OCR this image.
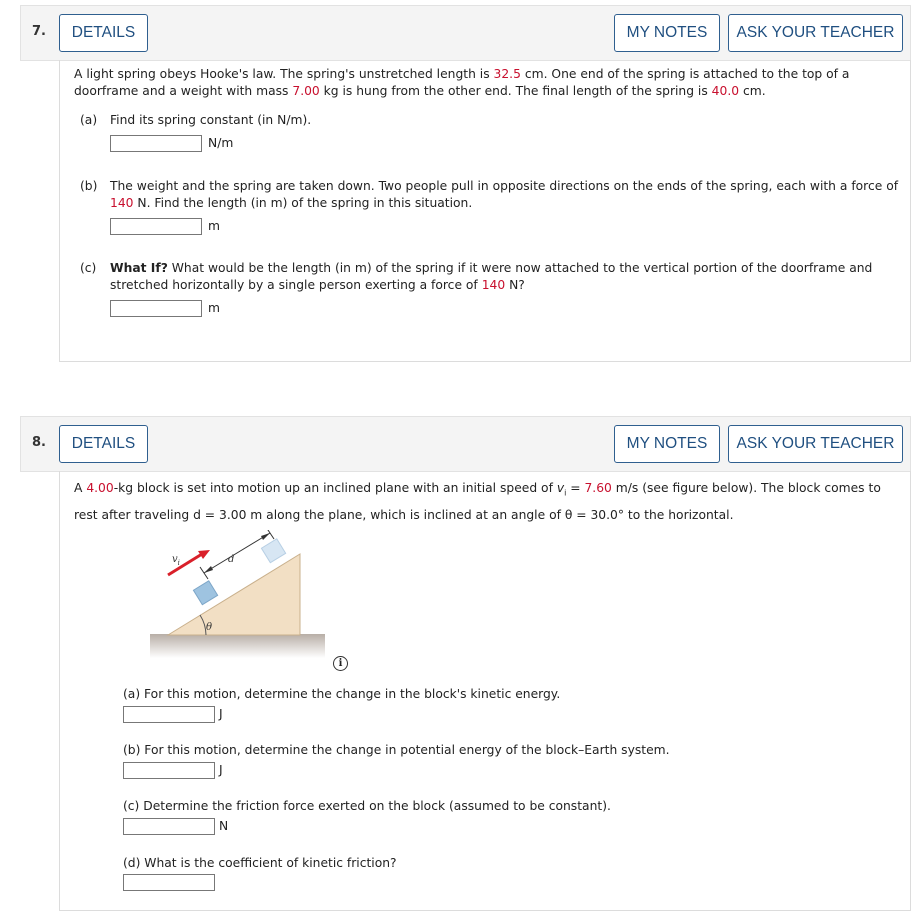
7.	DETAILS	MY NOTES	ASK YOUR TEACHER
A light spring obeys Hooke's law. The spring's unstretched length is 32.5 cm. One end of the spring is attached to the top of a
doorframe and a weight with mass 7.00 kg is hung from the other end. The final length of the spring is 40.0 cm.
(a) Find its spring constant (in N/m).
N/m
(b) The weight and the spring are taken down. Two people pull in opposite directions on the ends of the spring, each with a force of
140 N. Find the length (in m) of the spring in this situation.
m
(c) What If? What would be the length (in m) of the spring if it were now attached to the vertical portion of the doorframe and
stretched horizontally by a single person exerting a force of 140 N?
m
8.	DETAILS	MY NOTES	ASK YOUR TEACHER
A 4.00-kg block is set into motion up an inclined plane with an initial speed of $v_i = 7.60$ m/s (see figure below). The block comes to
rest after traveling d = 3.00 m along the plane, which is inclined at an angle of θ = 30.0° to the horizontal.
$v_i$	d
θ
i
(a) For this motion, determine the change in the block's kinetic energy.
J
(b) For this motion, determine the change in potential energy of the block–Earth system.
J
(c) Determine the friction force exerted on the block (assumed to be constant).
N
(d) What is the coefficient of kinetic friction?
